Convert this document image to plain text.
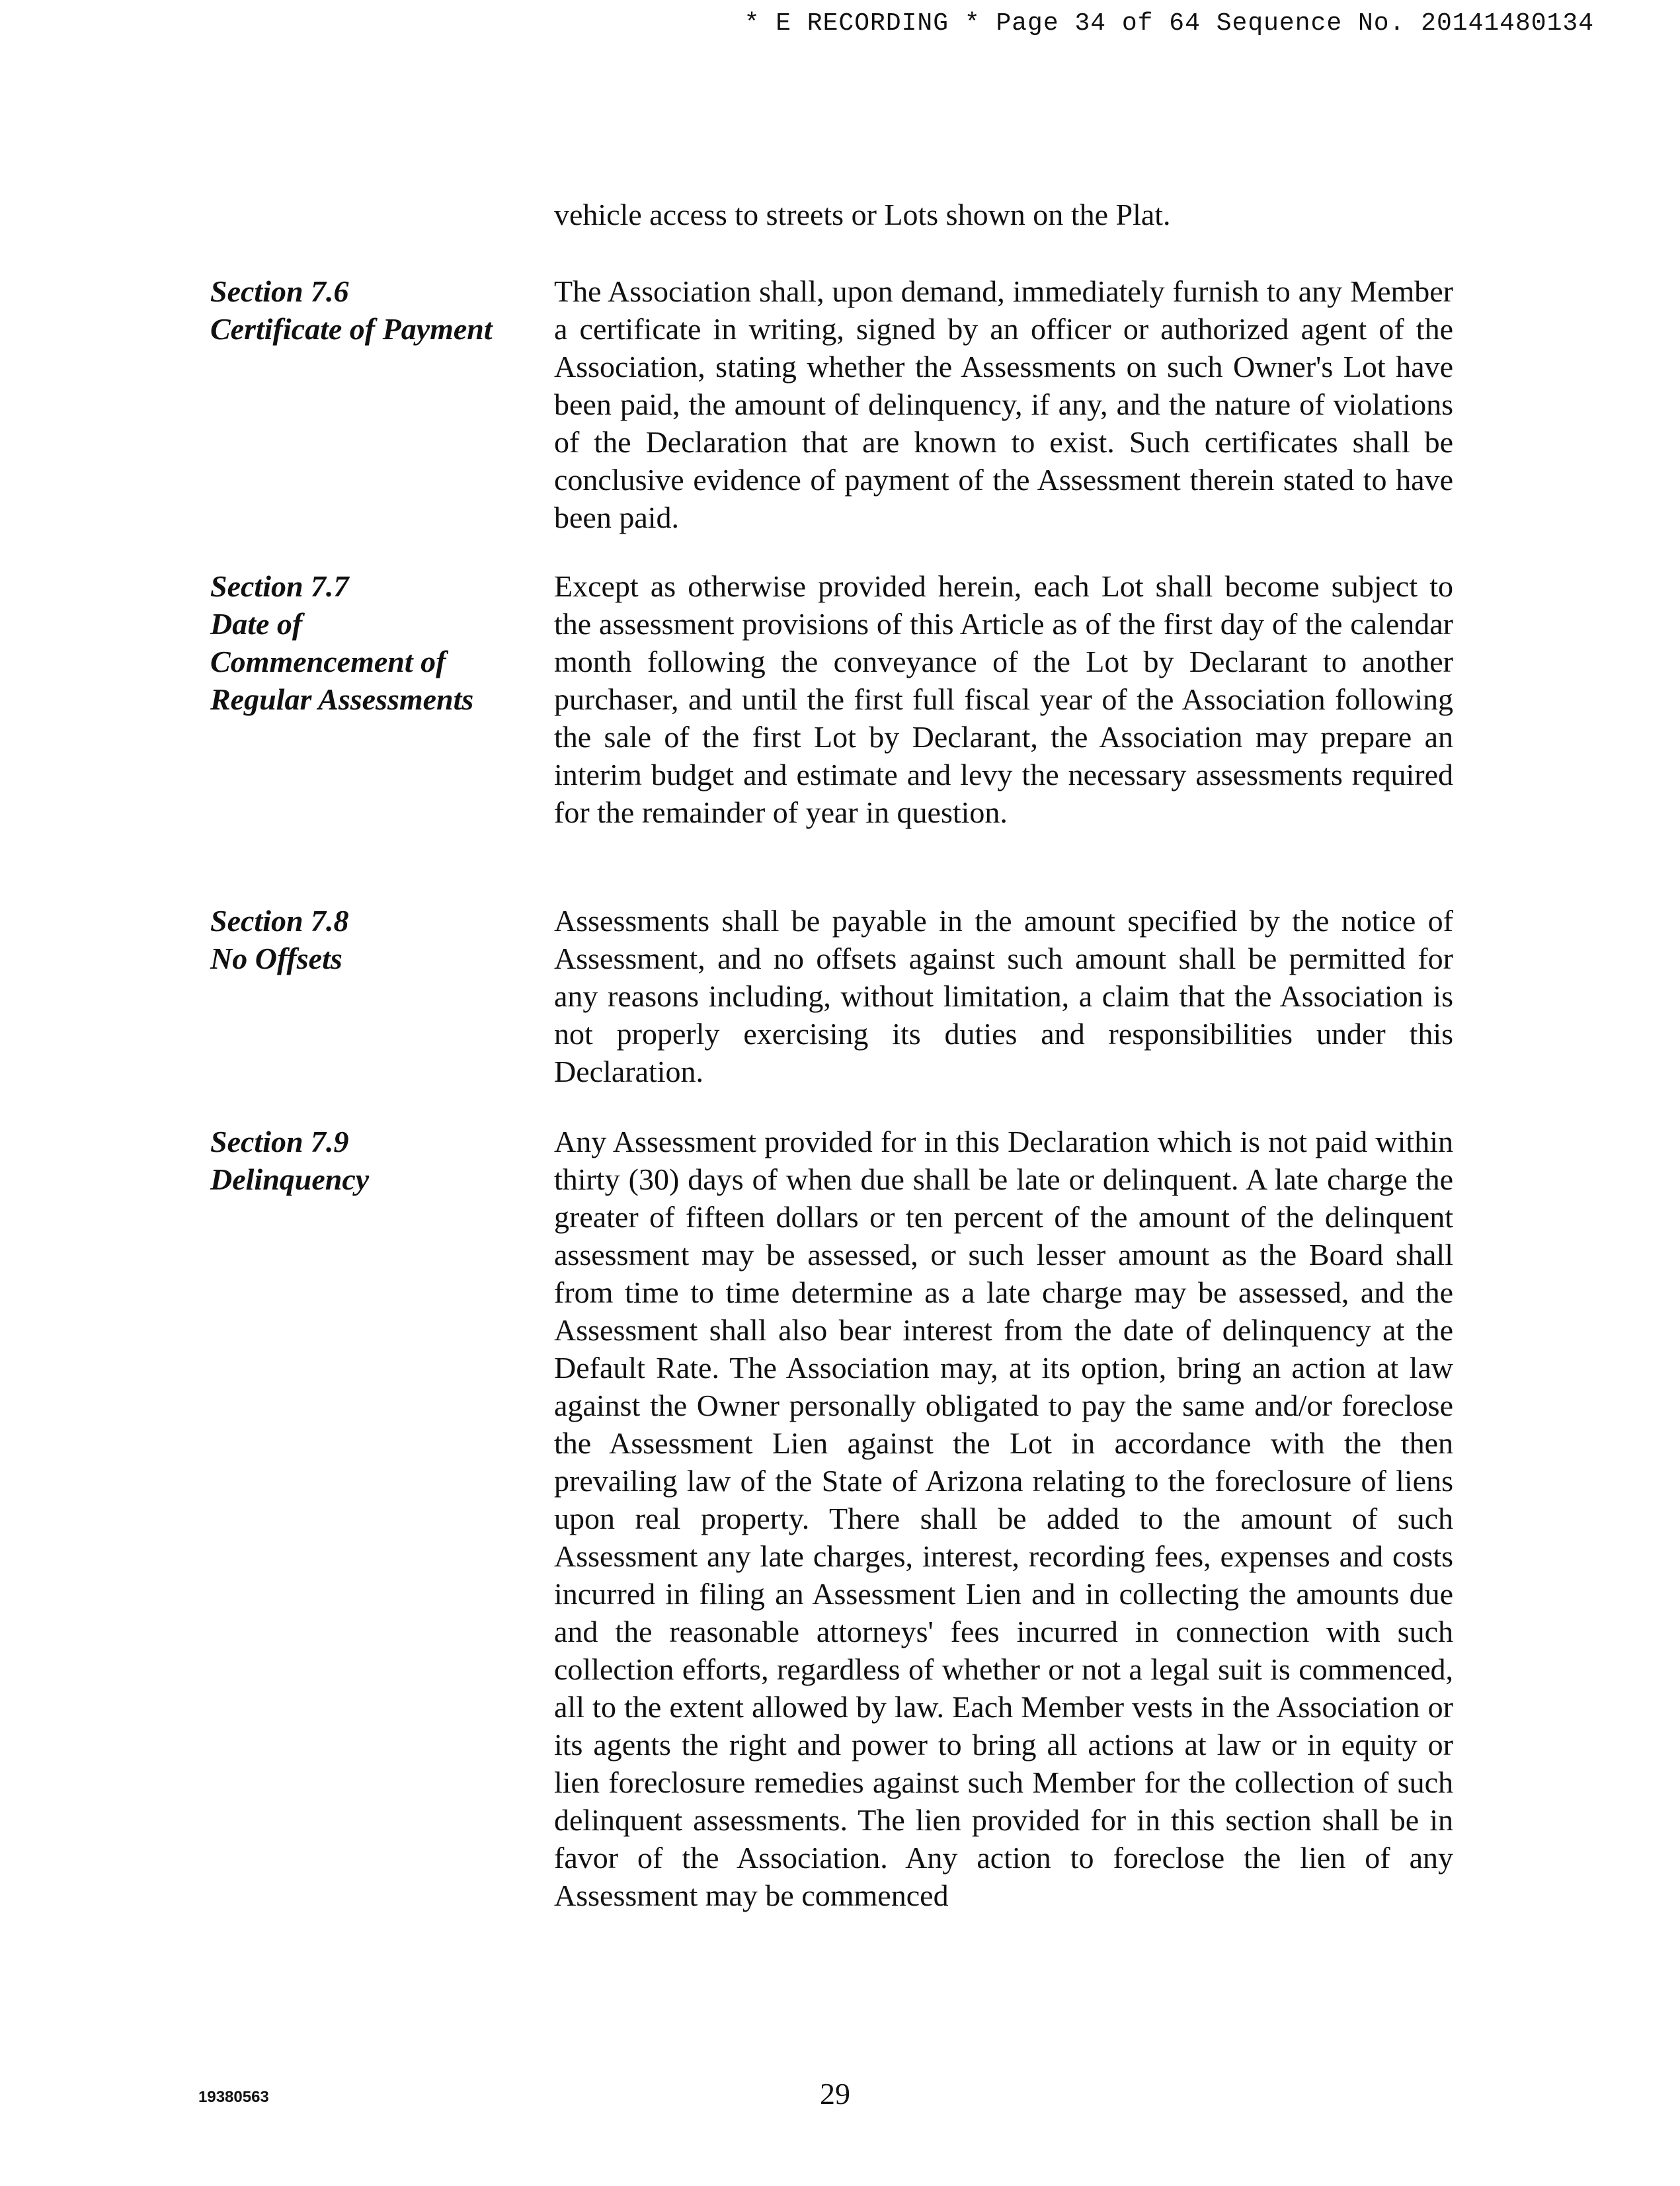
* E RECORDING * Page 34 of 64 Sequence No. 20141480134

vehicle access to streets or Lots shown on the Plat.

Section 7.6
Certificate of Payment

The Association shall, upon demand, immediately furnish to any Member a certificate in writing, signed by an officer or authorized agent of the Association, stating whether the Assessments on such Owner's Lot have been paid, the amount of delinquency, if any, and the nature of violations of the Declaration that are known to exist. Such certificates shall be conclusive evidence of payment of the Assessment therein stated to have been paid.

Section 7.7
Date of
Commencement of
Regular Assessments

Except as otherwise provided herein, each Lot shall become subject to the assessment provisions of this Article as of the first day of the calendar month following the conveyance of the Lot by Declarant to another purchaser, and until the first full fiscal year of the Association following the sale of the first Lot by Declarant, the Association may prepare an interim budget and estimate and levy the necessary assessments required for the remainder of year in question.

Section 7.8
No Offsets

Assessments shall be payable in the amount specified by the notice of Assessment, and no offsets against such amount shall be permitted for any reasons including, without limitation, a claim that the Association is not properly exercising its duties and responsibilities under this Declaration.

Section 7.9
Delinquency

Any Assessment provided for in this Declaration which is not paid within thirty (30) days of when due shall be late or delinquent. A late charge the greater of fifteen dollars or ten percent of the amount of the delinquent assessment may be assessed, or such lesser amount as the Board shall from time to time determine as a late charge may be assessed, and the Assessment shall also bear interest from the date of delinquency at the Default Rate. The Association may, at its option, bring an action at law against the Owner personally obligated to pay the same and/or foreclose the Assessment Lien against the Lot in accordance with the then prevailing law of the State of Arizona relating to the foreclosure of liens upon real property. There shall be added to the amount of such Assessment any late charges, interest, recording fees, expenses and costs incurred in filing an Assessment Lien and in collecting the amounts due and the reasonable attorneys' fees incurred in connection with such collection efforts, regardless of whether or not a legal suit is commenced, all to the extent allowed by law. Each Member vests in the Association or its agents the right and power to bring all actions at law or in equity or lien foreclosure remedies against such Member for the collection of such delinquent assessments. The lien provided for in this section shall be in favor of the Association. Any action to foreclose the lien of any Assessment may be commenced

19380563	29
